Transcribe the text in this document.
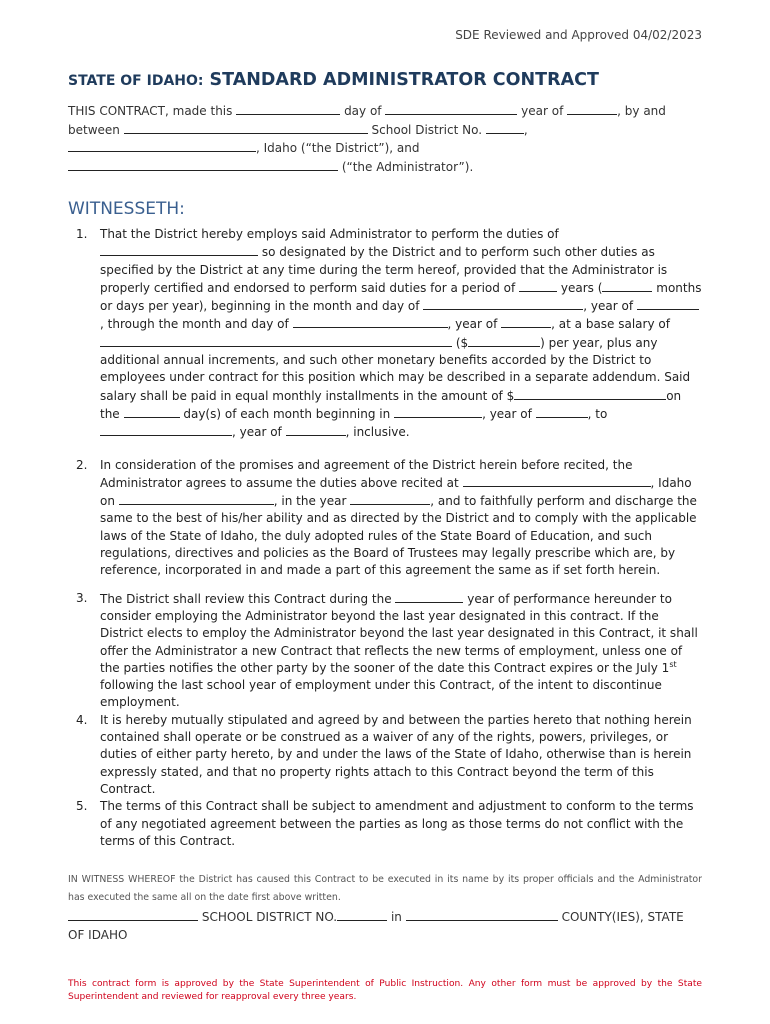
SDE Reviewed and Approved 04/02/2023
STATE OF IDAHO: STANDARD ADMINISTRATOR CONTRACT
THIS CONTRACT, made this	day of	year of	, by and
between	School District No.	,
, Idaho (“the District”), and
(“the Administrator”).
WITNESSETH:
1. That the District hereby employs said Administrator to perform the duties of
so designated by the District and to perform such other duties as specified by the District at any time during the term hereof, provided that the Administrator is properly certified and endorsed to perform said duties for a period of	years (	months or days per year), beginning in the month and day of	, year of , through the month and day of	, year of	, at a base salary of  ($	) per year, plus any additional annual increments, and such other monetary benefits accorded by the District to employees under contract for this position which may be described in a separate addendum. Said salary shall be paid in equal monthly installments in the amount of $	on the	day(s) of each month beginning in	, year of	, to , year of	, inclusive.
2. In consideration of the promises and agreement of the District herein before recited, the Administrator agrees to assume the duties above recited at	, Idaho on	, in the year	, and to faithfully perform and discharge the same to the best of his/her ability and as directed by the District and to comply with the applicable laws of the State of Idaho, the duly adopted rules of the State Board of Education, and such regulations, directives and policies as the Board of Trustees may legally prescribe which are, by reference, incorporated in and made a part of this agreement the same as if set forth herein.
3. The District shall review this Contract during the	year of performance hereunder to consider employing the Administrator beyond the last year designated in this contract. If the District elects to employ the Administrator beyond the last year designated in this Contract, it shall offer the Administrator a new Contract that reflects the new terms of employment, unless one of the parties notifies the other party by the sooner of the date this Contract expires or the July 1st following the last school year of employment under this Contract, of the intent to discontinue employment.
4. It is hereby mutually stipulated and agreed by and between the parties hereto that nothing herein contained shall operate or be construed as a waiver of any of the rights, powers, privileges, or duties of either party hereto, by and under the laws of the State of Idaho, otherwise than is herein expressly stated, and that no property rights attach to this Contract beyond the term of this Contract.
5. The terms of this Contract shall be subject to amendment and adjustment to conform to the terms of any negotiated agreement between the parties as long as those terms do not conflict with the terms of this Contract.
IN WITNESS WHEREOF the District has caused this Contract to be executed in its name by its proper officials and the Administrator has executed the same all on the date first above written.
SCHOOL DISTRICT NO.	in	COUNTY(IES), STATE OF IDAHO
This contract form is approved by the State Superintendent of Public Instruction. Any other form must be approved by the State Superintendent and reviewed for reapproval every three years.
